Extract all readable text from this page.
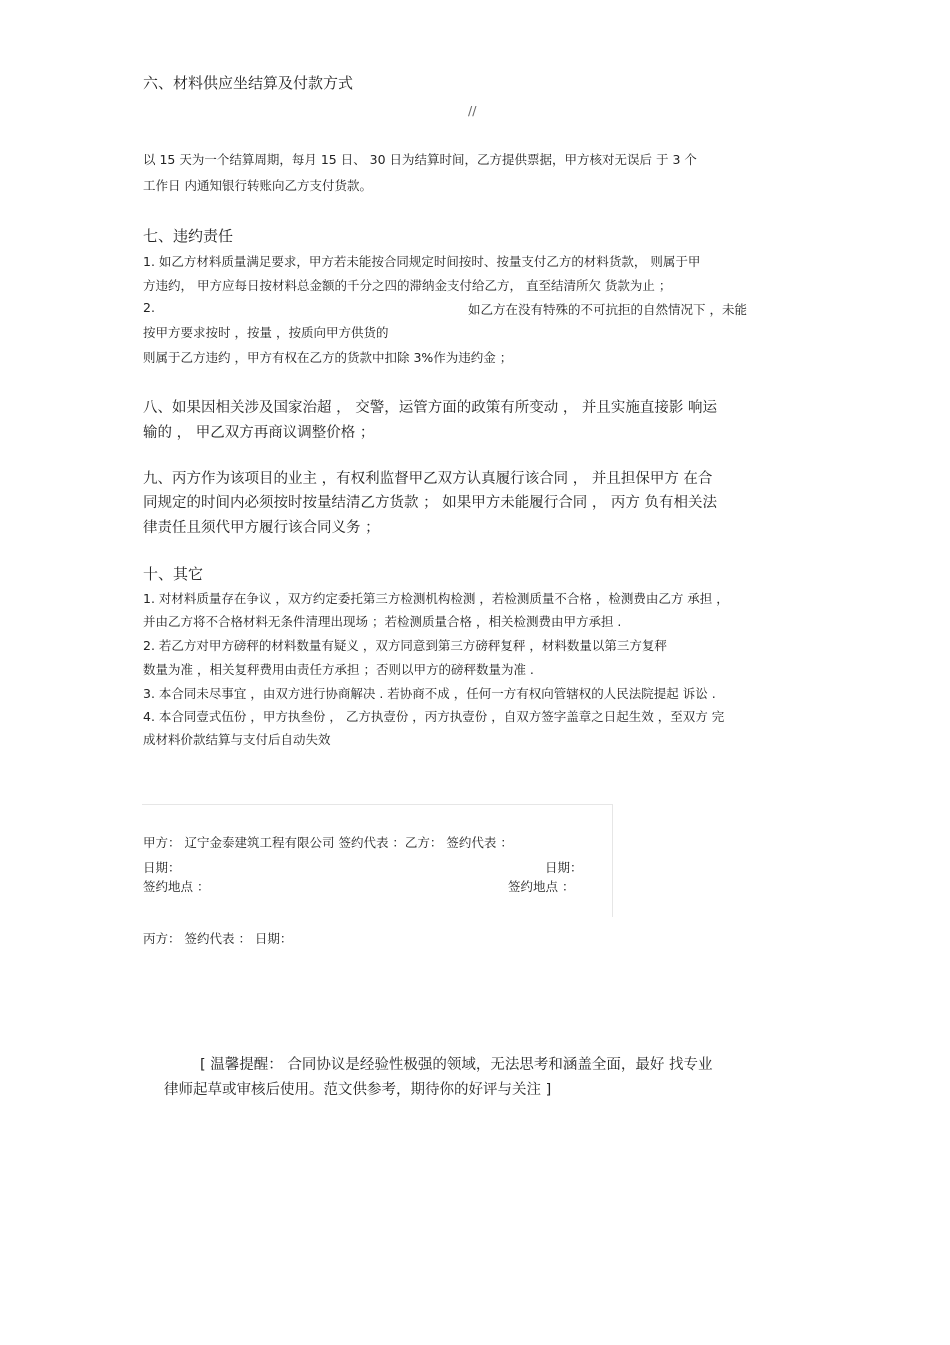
六、材料供应坐结算及付款方式
//
以 15 天为一个结算周期，每月 15 日、 30 日为结算时间，乙方提供票据，甲方核对无误后 于 3 个
工作日 内通知银行转账向乙方支付货款。
七、违约责任
1. 如乙方材料质量满足要求，甲方若未能按合同规定时间按时、按量支付乙方的材料货款， 则属于甲
方违约， 甲方应每日按材料总金额的千分之四的滞纳金支付给乙方， 直至结清所欠 货款为止 ；
2.	如乙方在没有特殊的不可抗拒的自然情况下 ，未能
按甲方要求按时 ，按量 ，按质向甲方供货的
则属于乙方违约 ，甲方有权在乙方的货款中扣除 3%作为违约金 ；
八、如果因相关涉及国家治超 ， 交警，运管方面的政策有所变动 ， 并且实施直接影 响运
输的 ， 甲乙双方再商议调整价格 ；
九、丙方作为该项目的业主 ，有权利监督甲乙双方认真履行该合同 ， 并且担保甲方 在合
同规定的时间内必须按时按量结清乙方货款 ； 如果甲方未能履行合同 ， 丙方 负有相关法
律责任且须代甲方履行该合同义务 ；
十、其它
1. 对材料质量存在争议 ，双方约定委托第三方检测机构检测 ，若检测质量不合格 ，检测费由乙方 承担 ，
并由乙方将不合格材料无条件清理出现场 ；若检测质量合格 ，相关检测费由甲方承担 .
2. 若乙方对甲方磅秤的材料数量有疑义 ，双方同意到第三方磅秤复秤 ，材料数量以第三方复秤
数量为准 ，相关复秤费用由责任方承担 ；否则以甲方的磅秤数量为准 .
3. 本合同未尽事宜 ，由双方进行协商解决 . 若协商不成 ，任何一方有权向管辖权的人民法院提起 诉讼 .
4. 本合同壹式伍份 ，甲方执叁份 ， 乙方执壹份 ，丙方执壹份 ，自双方签字盖章之日起生效 ，至双方 完
成材料价款结算与支付后自动失效
甲方： 辽宁金泰建筑工程有限公司 签约代表 ：乙方： 签约代表 ：
日期：	日期：
签约地点 ：	签约地点 ：
丙方： 签约代表 ： 日期：
[ 温馨提醒： 合同协议是经验性极强的领域，无法思考和涵盖全面，最好 找专业
律师起草或审核后使用。范文供参考，期待你的好评与关注 ]
